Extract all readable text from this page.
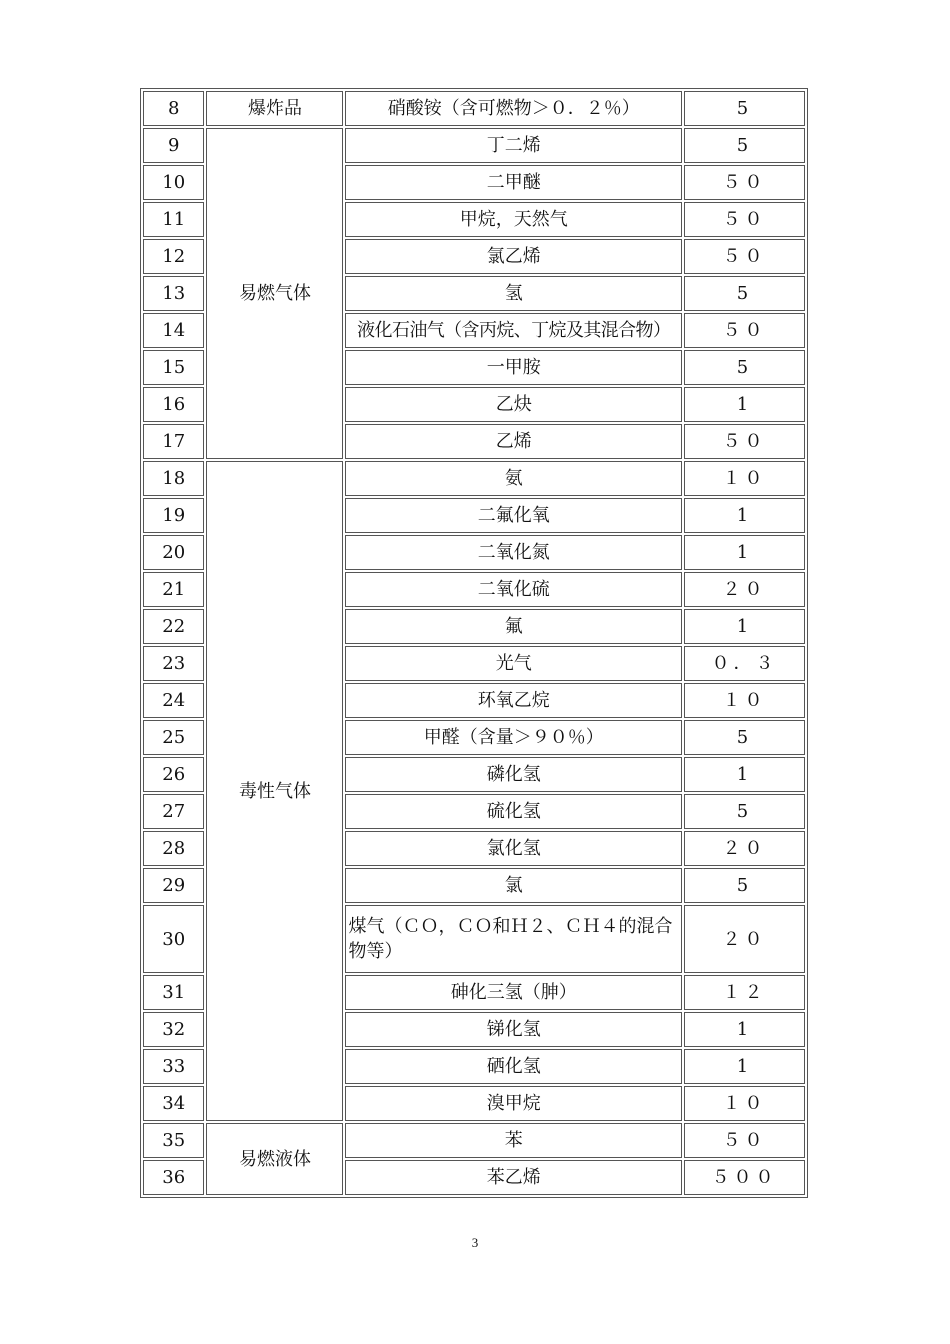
8	爆炸品	硝酸铵（含可燃物＞０．２％）	5
9	易燃气体	丁二烯	5
10		二甲醚	５０
11		甲烷，天然气	５０
12		氯乙烯	５０
13		氢	5
14		液化石油气（含丙烷、丁烷及其混合物）	５０
15		一甲胺	5
16		乙炔	1
17		乙烯	５０
18	毒性气体	氨	１０
19		二氟化氧	1
20		二氧化氮	1
21		二氧化硫	２０
22		氟	1
23		光气	０．３
24		环氧乙烷	１０
25		甲醛（含量＞９０％）	5
26		磷化氢	1
27		硫化氢	5
28		氯化氢	２０
29		氯	5
30		煤气（ＣＯ，ＣＯ和Ｈ２、ＣＨ４的混合物等）	２０
31		砷化三氢（胂）	１２
32		锑化氢	1
33		硒化氢	1
34		溴甲烷	１０
35	易燃液体	苯	５０
36		苯乙烯	５００
3
